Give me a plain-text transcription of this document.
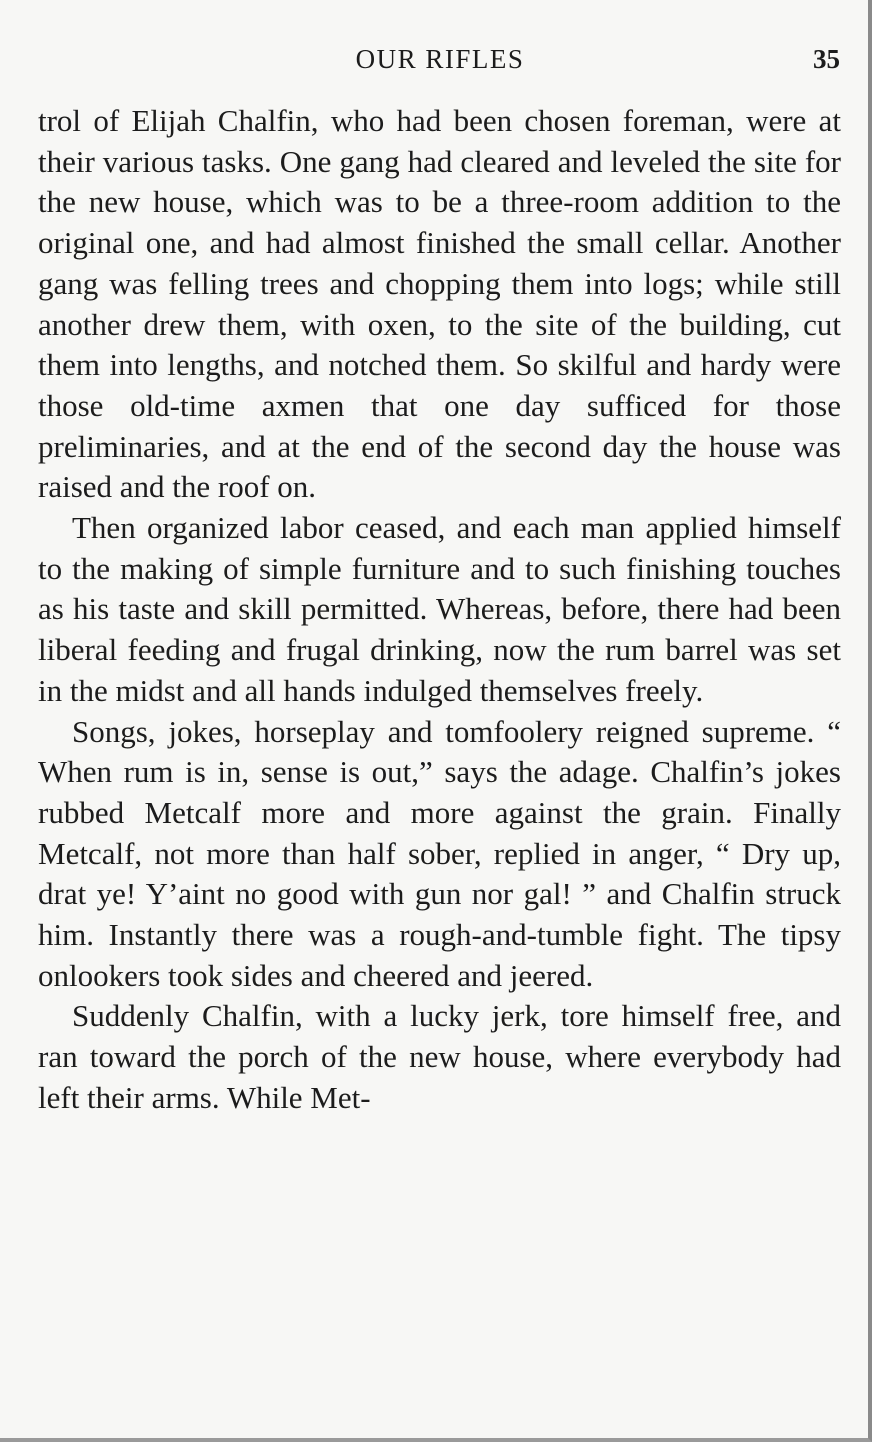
OUR RIFLES	35

trol of Elijah Chalfin, who had been chosen foreman, were at their various tasks. One gang had cleared and leveled the site for the new house, which was to be a three-room addition to the original one, and had almost finished the small cellar. Another gang was felling trees and chopping them into logs; while still another drew them, with oxen, to the site of the building, cut them into lengths, and notched them. So skilful and hardy were those old-time axmen that one day sufficed for those preliminaries, and at the end of the second day the house was raised and the roof on.

Then organized labor ceased, and each man applied himself to the making of simple furniture and to such finishing touches as his taste and skill permitted. Whereas, before, there had been liberal feeding and frugal drinking, now the rum barrel was set in the midst and all hands indulged themselves freely.

Songs, jokes, horseplay and tomfoolery reigned supreme. “ When rum is in, sense is out,” says the adage. Chalfin’s jokes rubbed Metcalf more and more against the grain. Finally Metcalf, not more than half sober, replied in anger, “ Dry up, drat ye! Y’aint no good with gun nor gal! ” and Chalfin struck him. Instantly there was a rough-and-tumble fight. The tipsy onlookers took sides and cheered and jeered.

Suddenly Chalfin, with a lucky jerk, tore himself free, and ran toward the porch of the new house, where everybody had left their arms. While Met-
